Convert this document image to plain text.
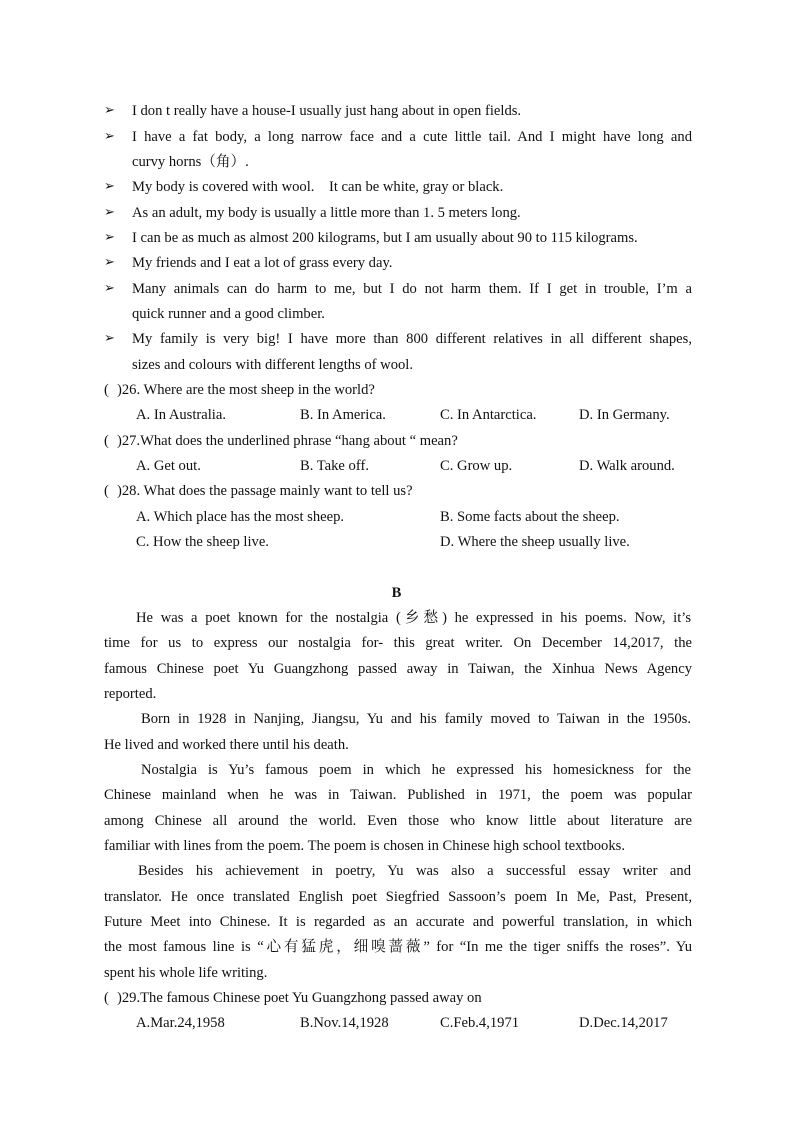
➢ I don t really have a house-I usually just hang about in open fields.
➢ I have a fat body, a long narrow face and a cute little tail. And I might have long and
curvy horns（角）.
➢ My body is covered with wool.    It can be white, gray or black.
➢ As an adult, my body is usually a little more than 1. 5 meters long.
➢ I can be as much as almost 200 kilograms, but I am usually about 90 to 115 kilograms.
➢ My friends and I eat a lot of grass every day.
➢ Many animals can do harm to me, but I do not harm them. If I get in trouble, I’m a
quick runner and a good climber.
➢ My family is very big! I have more than 800 different relatives in all different shapes,
sizes and colours with different lengths of wool.
( )26. Where are the most sheep in the world?
A. In Australia.	B. In America.	C. In Antarctica.	D. In Germany.
( )27.What does the underlined phrase “hang about “ mean?
A. Get out.	B. Take off.	C. Grow up.	D. Walk around.
( )28. What does the passage mainly want to tell us?
A. Which place has the most sheep.	B. Some facts about the sheep.
C. How the sheep live.	D. Where the sheep usually live.
B
He was a poet known for the nostalgia (乡愁) he expressed in his poems. Now, it’s
time for us to express our nostalgia for- this great writer. On December 14,2017, the
famous Chinese poet Yu Guangzhong passed away in Taiwan, the Xinhua News Agency
reported.
Born in 1928 in Nanjing, Jiangsu, Yu and his family moved to Taiwan in the 1950s.
He lived and worked there until his death.
Nostalgia is Yu’s famous poem in which he expressed his homesickness for the
Chinese mainland when he was in Taiwan. Published in 1971, the poem was popular
among Chinese all around the world. Even those who know little about literature are
familiar with lines from the poem. The poem is chosen in Chinese high school textbooks.
Besides his achievement in poetry, Yu was also a successful essay writer and
translator. He once translated English poet Siegfried Sassoon’s poem In Me, Past, Present,
Future Meet into Chinese. It is regarded as an accurate and powerful translation, in which
the most famous line is “心有猛虎，细嗅蔷薇” for “In me the tiger sniffs the roses”. Yu
spent his whole life writing.
( )29.The famous Chinese poet Yu Guangzhong passed away on
A.Mar.24,1958	B.Nov.14,1928	C.Feb.4,1971	D.Dec.14,2017
